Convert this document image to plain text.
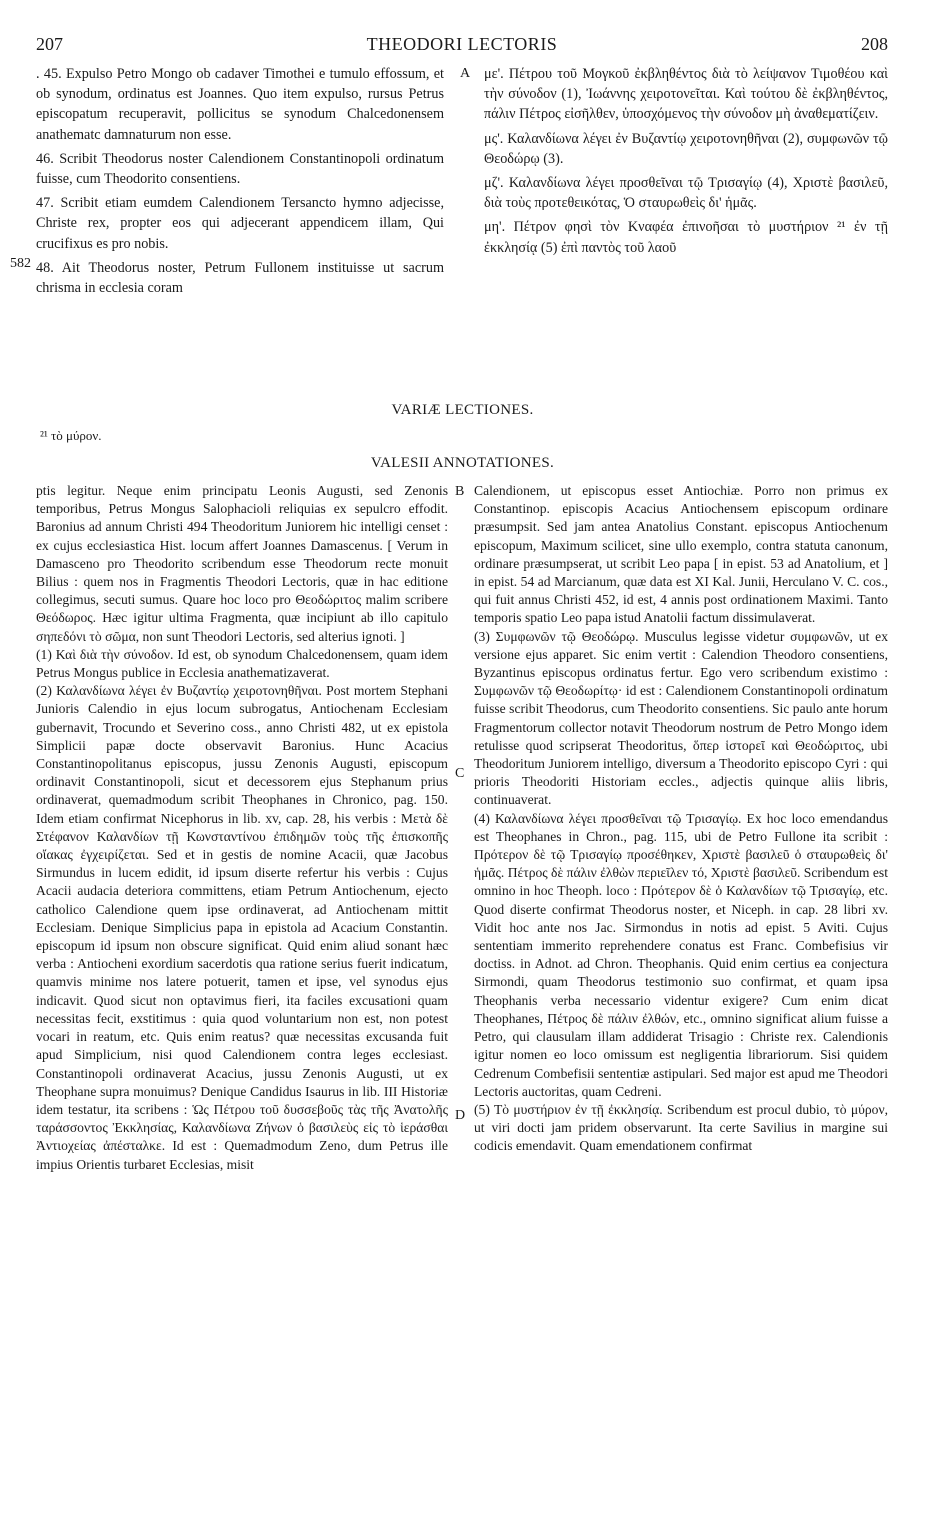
207	THEODORI LECTORIS	208

. 45. Expulso Petro Mongo ob cadaver Timothei e tumulo effossum, et ob synodum, ordinatus est Joannes. Quo item expulso, rursus Petrus episcopatum recuperavit, pollicitus se synodum Chalcedonensem anathematc damnaturum non esse.

46. Scribit Theodorus noster Calendionem Constantinopoli ordinatum fuisse, cum Theodorito consentiens.

47. Scribit etiam eumdem Calendionem Tersancto hymno adjecisse, Christe rex, propter eos qui adjecerant appendicem illam, Qui crucifixus es pro nobis.

48. Ait Theodorus noster, Petrum Fullonem instituisse ut sacrum chrisma in ecclesia coram

582
A με'. Πέτρου τοῦ Μογκοῦ ἐκβληθέντος διὰ τὸ λείψανον Τιμοθέου καὶ τὴν σύνοδον (1), Ἰωάννης χειροτονεῖται. Καὶ τούτου δὲ ἐκβληθέντος, πάλιν Πέτρος εἰσῆλθεν, ὑποσχόμενος τὴν σύνοδον μὴ ἀναθεματίζειν.

μς'. Καλανδίωνα λέγει ἐν Βυζαντίῳ χειροτονηθῆναι (2), συμφωνῶν τῷ Θεοδώρῳ (3).

μζ'. Καλανδίωνα λέγει προσθεῖναι τῷ Τρισαγίῳ (4), Χριστὲ βασιλεῦ, διὰ τοὺς προτεθεικότας, Ὁ σταυρωθεὶς δι' ἡμᾶς.

μη'. Πέτρον φησὶ τὸν Κναφέα ἐπινοῆσαι τὸ μυστήριον ²¹ ἐν τῇ ἐκκλησίᾳ (5) ἐπὶ παντὸς τοῦ λαοῦ

VARIÆ LECTIONES.
²¹ τὸ μύρον.
VALESII ANNOTATIONES.

ptis legitur. Neque enim principatu Leonis Augusti, sed Zenonis temporibus, Petrus Mongus Salophacioli reliquias ex sepulcro effodit. Baronius ad annum Christi 494 Theodoritum Juniorem hic intelligi censet : ex cujus ecclesiastica Hist. locum affert Joannes Damascenus. [ Verum in Damasceno pro Theodorito scribendum esse Theodorum recte monuit Bilius : quem nos in Fragmentis Theodori Lectoris, quæ in hac editione collegimus, secuti sumus. Quare hoc loco pro Θεοδώριτος malim scribere Θεόδωρος. Hæc igitur ultima Fragmenta, quæ incipiunt ab illo capitulo σηπεδόνι τὸ σῶμα, non sunt Theodori Lectoris, sed alterius ignoti. ]

(1) Καὶ διὰ τὴν σύνοδον. Id est, ob synodum Chalcedonensem, quam idem Petrus Mongus publice in Ecclesia anathematizaverat.

(2) Καλανδίωνα λέγει ἐν Βυζαντίῳ χειροτονηθῆναι. Post mortem Stephani Junioris Calendio in ejus locum subrogatus, Antiochenam Ecclesiam gubernavit, Trocundo et Severino coss., anno Christi 482, ut ex epistola Simplicii papæ docte observavit Baronius. Hunc Acacius Constantinopolitanus episcopus, jussu Zenonis Augusti, episcopum ordinavit Constantinopoli, sicut et decessorem ejus Stephanum prius ordinaverat, quemadmodum scribit Theophanes in Chronico, pag. 150. Idem etiam confirmat Nicephorus in lib. xv, cap. 28, his verbis : Μετὰ δὲ Στέφανον Καλανδίων τῇ Κωνσταντίνου ἐπιδημῶν τοὺς τῆς ἐπισκοπῆς οἴακας ἐγχειρίζεται. Sed et in gestis de nomine Acacii, quæ Jacobus Sirmundus in lucem edidit, id ipsum diserte refertur his verbis : Cujus Acacii audacia deteriora committens, etiam Petrum Antiochenum, ejecto catholico Calendione quem ipse ordinaverat, ad Antiochenam mittit Ecclesiam. Denique Simplicius papa in epistola ad Acacium Constantin. episcopum id ipsum non obscure significat. Quid enim aliud sonant hæc verba : Antiocheni exordium sacerdotis qua ratione serius fuerit indicatum, quamvis minime nos latere potuerit, tamen et ipse, vel synodus ejus indicavit. Quod sicut non optavimus fieri, ita faciles excusationi quam necessitas fecit, exstitimus : quia quod voluntarium non est, non potest vocari in reatum, etc. Quis enim reatus? quæ necessitas excusanda fuit apud Simplicium, nisi quod Calendionem contra leges ecclesiast. Constantinopoli ordinaverat Acacius, jussu Zenonis Augusti, ut ex Theophane supra monuimus? Denique Candidus Isaurus in lib. III Historiæ idem testatur, ita scribens : Ὡς Πέτρου τοῦ δυσσεβοῦς τὰς τῆς Ἀνατολῆς ταράσσοντος Ἐκκλησίας, Καλανδίωνα Ζήνων ὁ βασιλεὺς εἰς τὸ ἱεράσθαι Ἀντιοχείας ἀπέσταλκε. Id est : Quemadmodum Zeno, dum Petrus ille impius Orientis turbaret Ecclesias, misit

B
C
D

Calendionem, ut episcopus esset Antiochiæ. Porro non primus ex Constantinop. episcopis Acacius Antiochensem episcopum ordinare præsumpsit. Sed jam antea Anatolius Constant. episcopus Antiochenum episcopum, Maximum scilicet, sine ullo exemplo, contra statuta canonum, ordinare præsumpserat, ut scribit Leo papa [ in epist. 53 ad Anatolium, et ] in epist. 54 ad Marcianum, quæ data est XI Kal. Junii, Herculano V. C. cos., qui fuit annus Christi 452, id est, 4 annis post ordinationem Maximi. Tanto temporis spatio Leo papa istud Anatolii factum dissimulaverat.

(3) Συμφωνῶν τῷ Θεοδώρῳ. Musculus legisse videtur συμφωνῶν, ut ex versione ejus apparet. Sic enim vertit : Calendion Theodoro consentiens, Byzantinus episcopus ordinatus fertur. Ego vero scribendum existimo : Συμφωνῶν τῷ Θεοδωρίτῳ· id est : Calendionem Constantinopoli ordinatum fuisse scribit Theodorus, cum Theodorito consentiens. Sic paulo ante horum Fragmentorum collector notavit Theodorum nostrum de Petro Mongo idem retulisse quod scripserat Theodoritus, ὅπερ ἱστορεῖ καὶ Θεοδώριτος, ubi Theodoritum Juniorem intelligo, diversum a Theodorito episcopo Cyri : qui prioris Theodoriti Historiam eccles., adjectis quinque aliis libris, continuaverat.

(4) Καλανδίωνα λέγει προσθεῖναι τῷ Τρισαγίῳ. Ex hoc loco emendandus est Theophanes in Chron., pag. 115, ubi de Petro Fullone ita scribit : Πρότερον δὲ τῷ Τρισαγίῳ προσέθηκεν, Χριστὲ βασιλεῦ ὁ σταυρωθεὶς δι' ἡμᾶς. Πέτρος δὲ πάλιν ἐλθὼν περιεῖλεν τό, Χριστὲ βασιλεῦ. Scribendum est omnino in hoc Theoph. loco : Πρότερον δὲ ὁ Καλανδίων τῷ Τρισαγίῳ, etc. Quod diserte confirmat Theodorus noster, et Niceph. in cap. 28 libri xv. Vidit hoc ante nos Jac. Sirmondus in notis ad epist. 5 Aviti. Cujus sententiam immerito reprehendere conatus est Franc. Combefisius vir doctiss. in Adnot. ad Chron. Theophanis. Quid enim certius ea conjectura Sirmondi, quam Theodorus testimonio suo confirmat, et quam ipsa Theophanis verba necessario videntur exigere? Cum enim dicat Theophanes, Πέτρος δὲ πάλιν ἐλθών, etc., omnino significat alium fuisse a Petro, qui clausulam illam addiderat Trisagio : Christe rex. Calendionis igitur nomen eo loco omissum est negligentia librariorum. Sisi quidem Cedrenum Combefisii sententiæ astipulari. Sed major est apud me Theodori Lectoris auctoritas, quam Cedreni.

(5) Τὸ μυστήριον ἐν τῇ ἐκκλησίᾳ. Scribendum est procul dubio, τὸ μύρον, ut viri docti jam pridem observarunt. Ita certe Savilius in margine sui codicis emendavit. Quam emendationem confirmat
